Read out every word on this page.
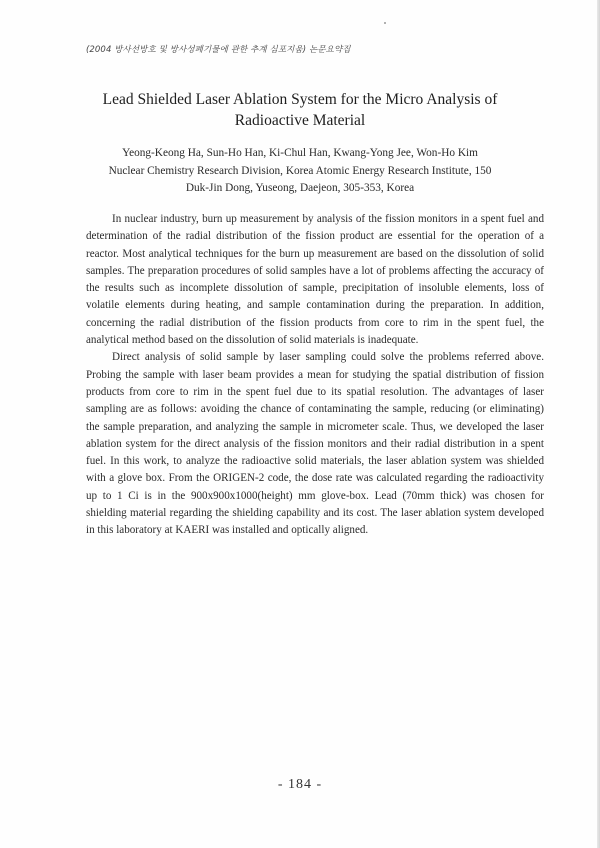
(2004 방사선방호 및 방사성폐기물에 관한 추계 심포지움) 논문요약집
Lead Shielded Laser Ablation System for the Micro Analysis of
Radioactive Material
Yeong-Keong Ha, Sun-Ho Han, Ki-Chul Han, Kwang-Yong Jee, Won-Ho Kim
Nuclear Chemistry Research Division, Korea Atomic Energy Research Institute, 150
Duk-Jin Dong, Yuseong, Daejeon, 305-353, Korea

In nuclear industry, burn up measurement by analysis of the fission monitors in a spent fuel and determination of the radial distribution of the fission product are essential for the operation of a reactor. Most analytical techniques for the burn up measurement are based on the dissolution of solid samples. The preparation procedures of solid samples have a lot of problems affecting the accuracy of the results such as incomplete dissolution of sample, precipitation of insoluble elements, loss of volatile elements during heating, and sample contamination during the preparation. In addition, concerning the radial distribution of the fission products from core to rim in the spent fuel, the analytical method based on the dissolution of solid materials is inadequate.

Direct analysis of solid sample by laser sampling could solve the problems referred above. Probing the sample with laser beam provides a mean for studying the spatial distribution of fission products from core to rim in the spent fuel due to its spatial resolution. The advantages of laser sampling are as follows: avoiding the chance of contaminating the sample, reducing (or eliminating) the sample preparation, and analyzing the sample in micrometer scale. Thus, we developed the laser ablation system for the direct analysis of the fission monitors and their radial distribution in a spent fuel. In this work, to analyze the radioactive solid materials, the laser ablation system was shielded with a glove box. From the ORIGEN-2 code, the dose rate was calculated regarding the radioactivity up to 1 Ci is in the 900x900x1000(height) mm glove-box. Lead (70mm thick) was chosen for shielding material regarding the shielding capability and its cost. The laser ablation system developed in this laboratory at KAERI was installed and optically aligned.

- 184 -
